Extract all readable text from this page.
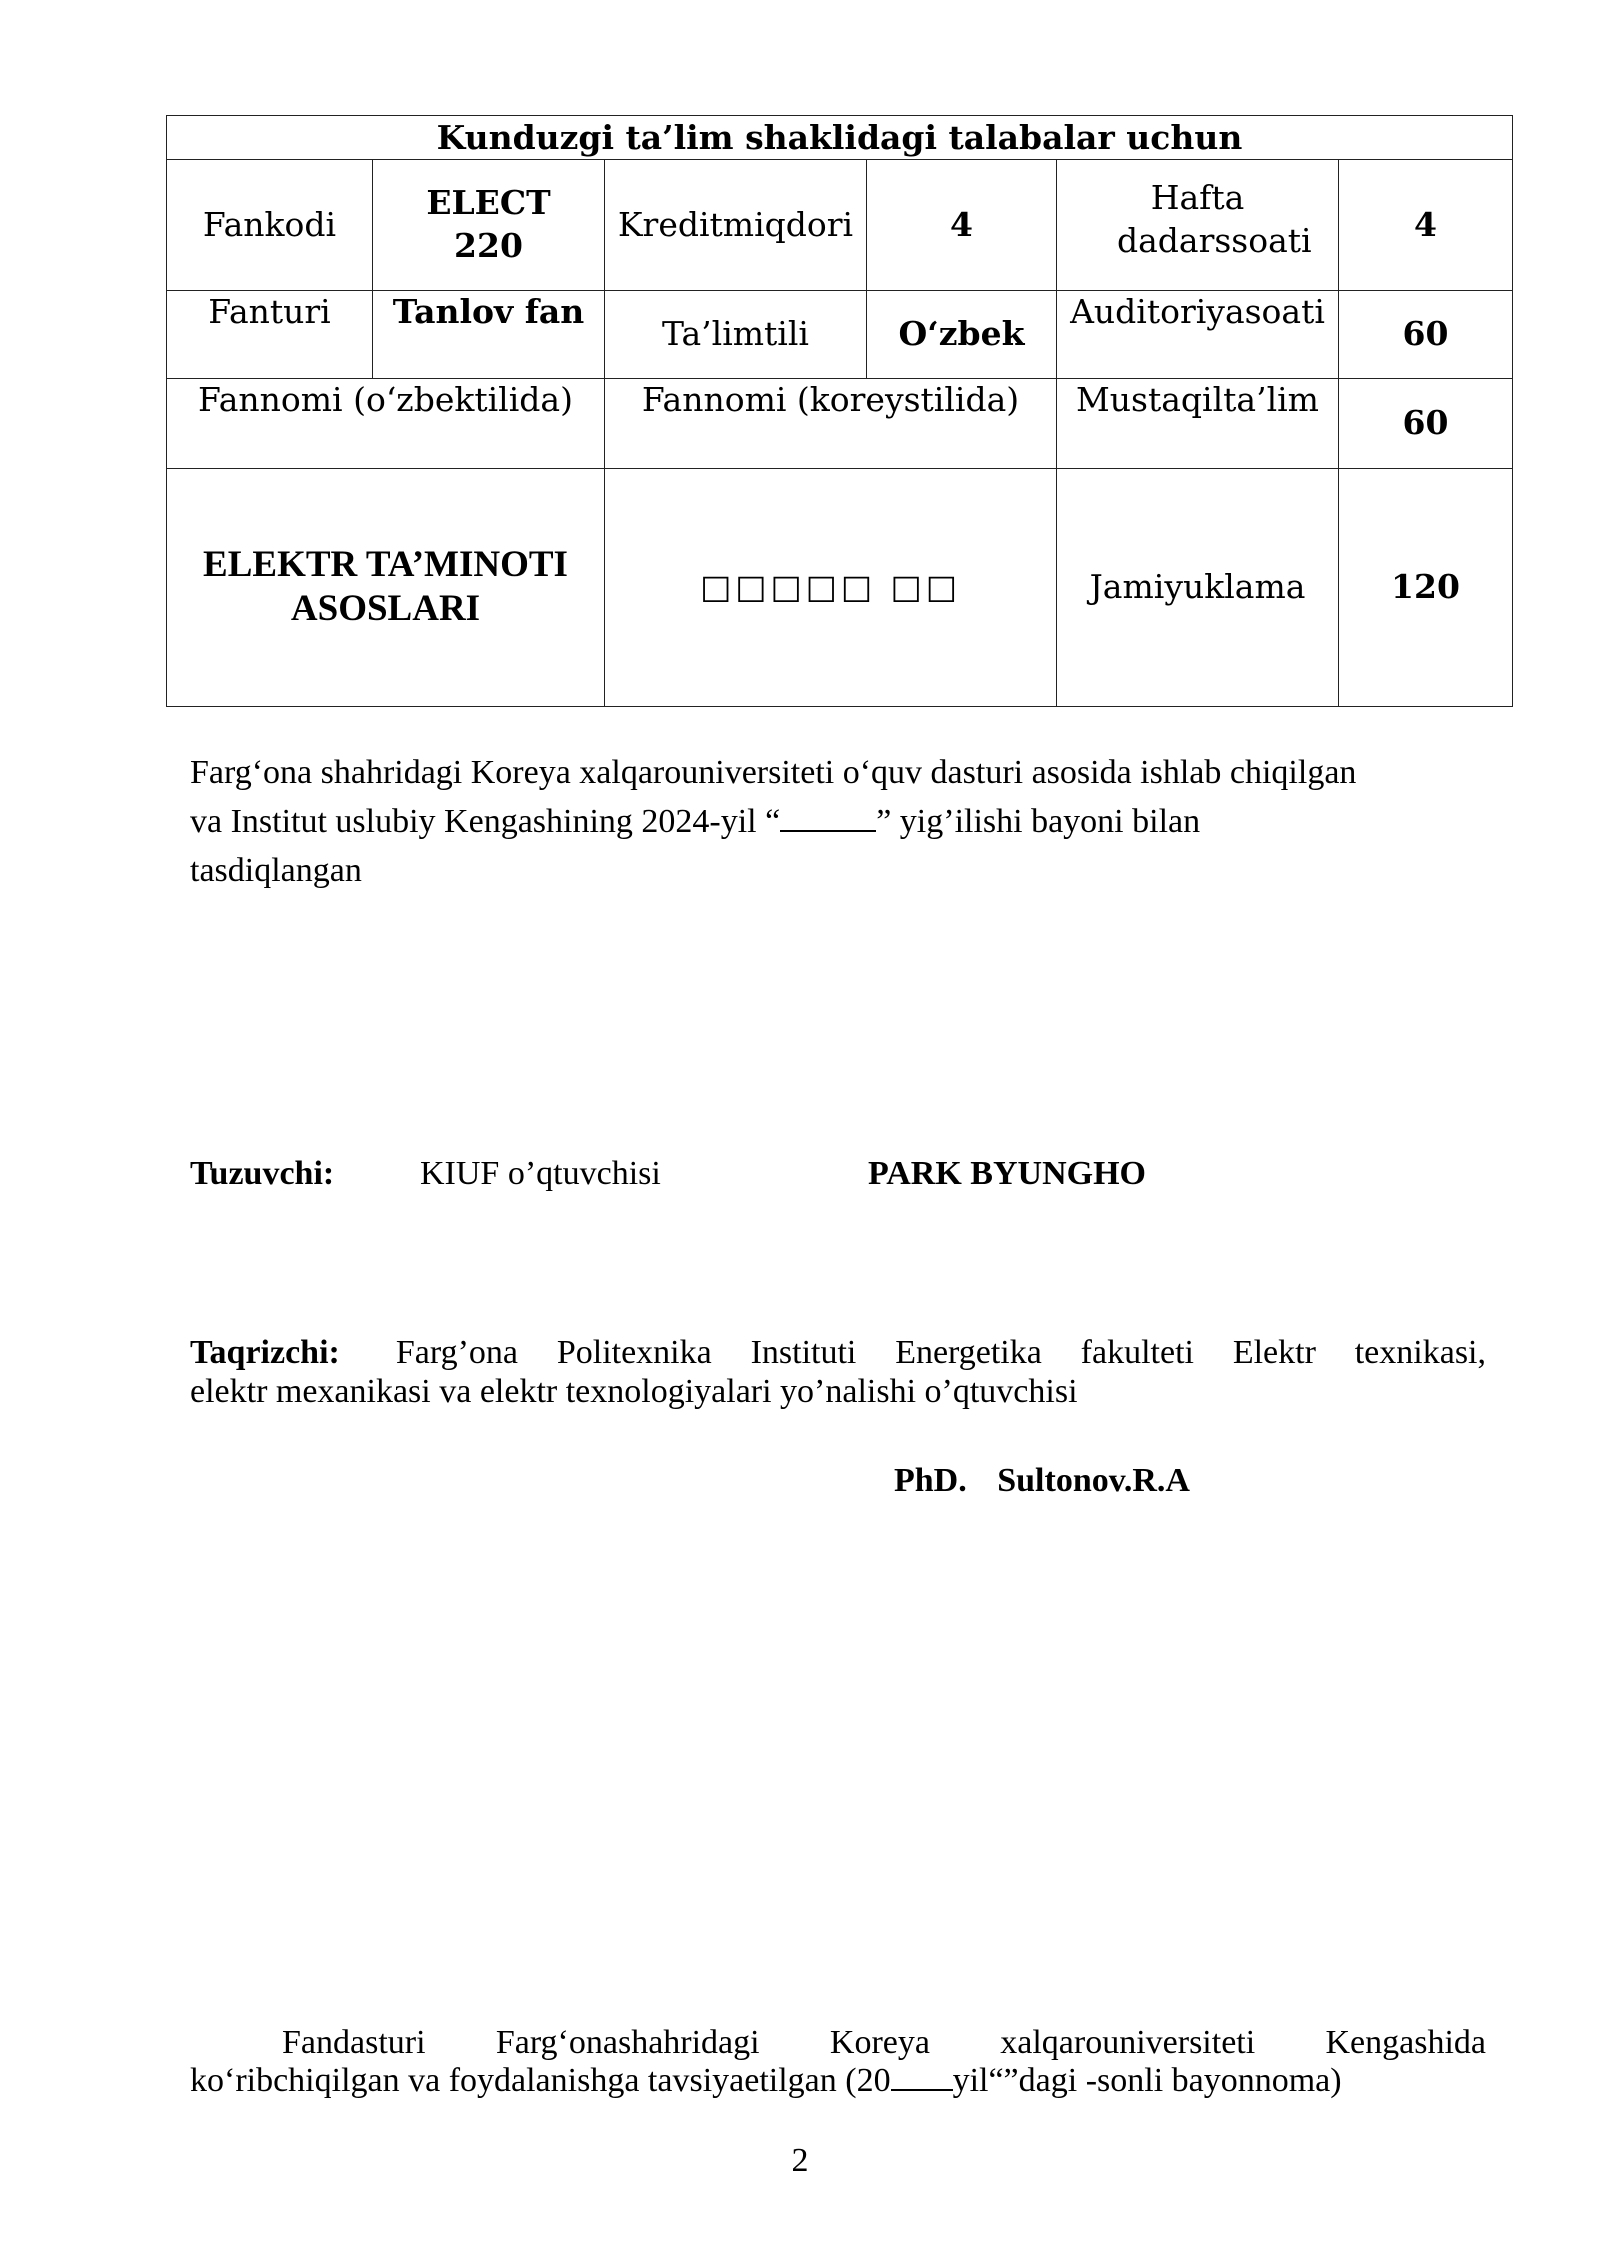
Kunduzgi ta’lim shaklidagi talabalar uchun					
Fankodi	ELECT 220	Kreditmiqdori	4	Hafta dadarssoati	4
Fanturi	Tanlov fan	Ta’limtili	O‘zbek	Auditoriyasoati	60
Fannomi (o‘zbektilida)		Fannomi (koreystilida)		Mustaqilta’lim	60
ELEKTR TA’MINOTI ASOSLARI		□□□□□ □□		Jamiyuklama	120
Farg‘ona shahridagi Koreya xalqarouniversiteti o‘quv dasturi asosida ishlab chiqilgan
va Institut uslubiy Kengashining 2024-yil “	” yig’ilishi bayoni bilan
tasdiqlangan
Tuzuvchi:	KIUF o’qtuvchisi	PARK BYUNGHO
Taqrizchi: Farg’ona Politexnika Instituti Energetika fakulteti Elektr texnikasi,
elektr mexanikasi va elektr texnologiyalari yo’nalishi o’qtuvchisi
PhD. Sultonov.R.A
Fandasturi Farg‘onashahridagi Koreya xalqarouniversiteti Kengashida
ko‘ribchiqilgan va foydalanishga tavsiyaetilgan (20 yil“”dagi -sonli bayonnoma)
2
